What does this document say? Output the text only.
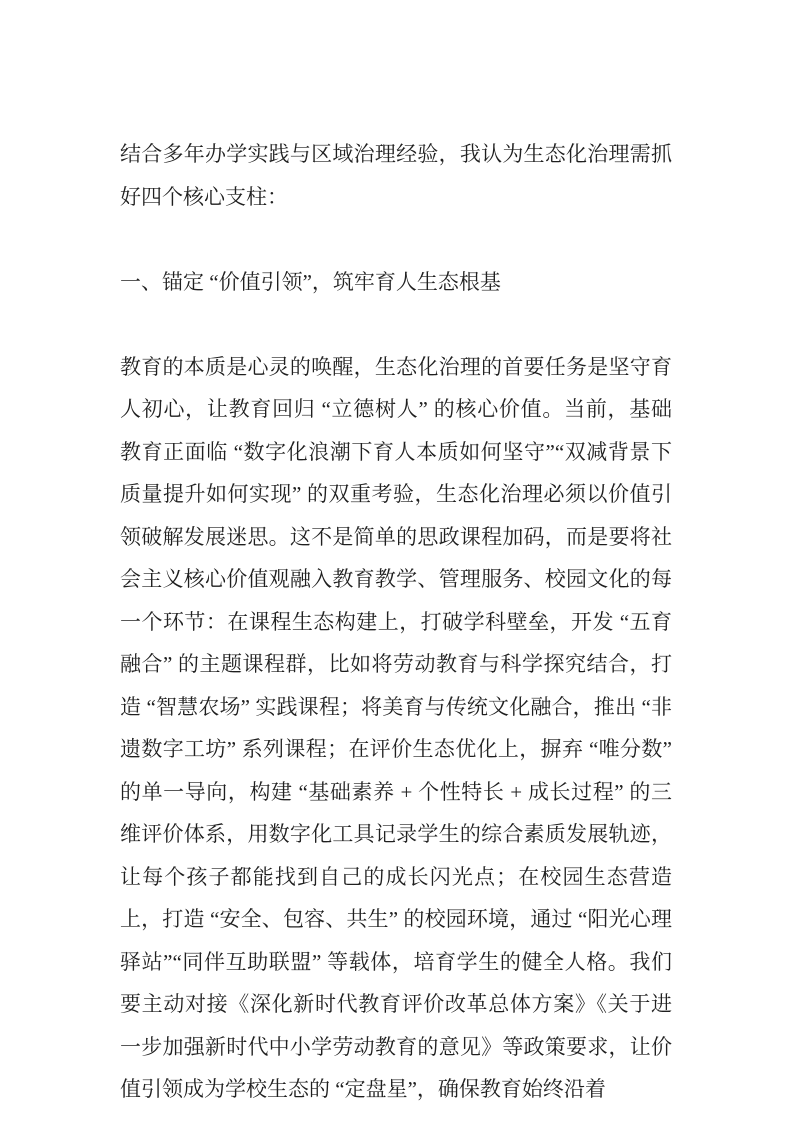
结合多年办学实践与区域治理经验，我认为生态化治理需抓好四个核心支柱：

一、锚定 “价值引领”，筑牢育人生态根基

教育的本质是心灵的唤醒，生态化治理的首要任务是坚守育人初心，让教育回归 “立德树人” 的核心价值。当前，基础教育正面临 “数字化浪潮下育人本质如何坚守”“双减背景下质量提升如何实现” 的双重考验，生态化治理必须以价值引领破解发展迷思。这不是简单的思政课程加码，而是要将社会主义核心价值观融入教育教学、管理服务、校园文化的每一个环节：在课程生态构建上，打破学科壁垒，开发 “五育融合” 的主题课程群，比如将劳动教育与科学探究结合，打造 “智慧农场” 实践课程；将美育与传统文化融合，推出 “非遗数字工坊” 系列课程；在评价生态优化上，摒弃 “唯分数” 的单一导向，构建 “基础素养 + 个性特长 + 成长过程” 的三维评价体系，用数字化工具记录学生的综合素质发展轨迹，让每个孩子都能找到自己的成长闪光点；在校园生态营造上，打造 “安全、包容、共生” 的校园环境，通过 “阳光心理驿站”“同伴互助联盟” 等载体，培育学生的健全人格。我们要主动对接《深化新时代教育评价改革总体方案》《关于进一步加强新时代中小学劳动教育的意见》等政策要求，让价值引领成为学校生态的 “定盘星”，确保教育始终沿着
